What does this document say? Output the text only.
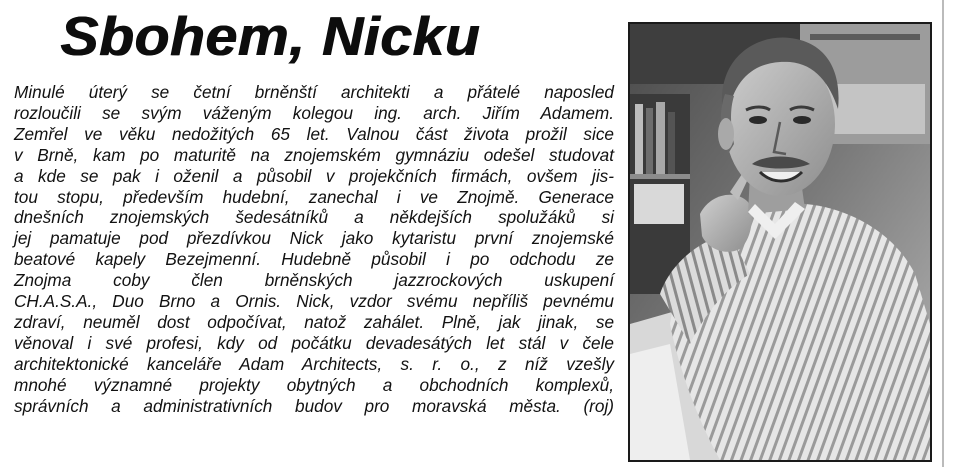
Sbohem, Nicku
Minulé úterý se četní brněnští architekti a přátelé naposled
rozloučili se svým váženým kolegou ing. arch. Jiřím Adamem.
Zemřel ve věku nedožitých 65 let. Valnou část života prožil sice
v Brně, kam po maturitě na znojemském gymnáziu odešel studovat
a kde se pak i oženil a působil v projekčních firmách, ovšem jis-
tou stopu, především hudební, zanechal i ve Znojmě. Generace
dnešních znojemských šedesátníků a někdejších spolužáků si
jej pamatuje pod přezdívkou Nick jako kytaristu první znojemské
beatové kapely Bezejmenní. Hudebně působil i po odchodu ze
Znojma coby člen brněnských jazzrockových uskupení
CH.A.S.A., Duo Brno a Ornis. Nick, vzdor svému nepříliš pevnému
zdraví, neuměl dost odpočívat, natož zahálet. Plně, jak jinak, se
věnoval i své profesi, kdy od počátku devadesátých let stál v čele
architektonické kanceláře Adam Architects, s. r. o., z níž vzešly
mnohé významné projekty obytných a obchodních komplexů,
správních a administrativních budov pro moravská města. (roj)
